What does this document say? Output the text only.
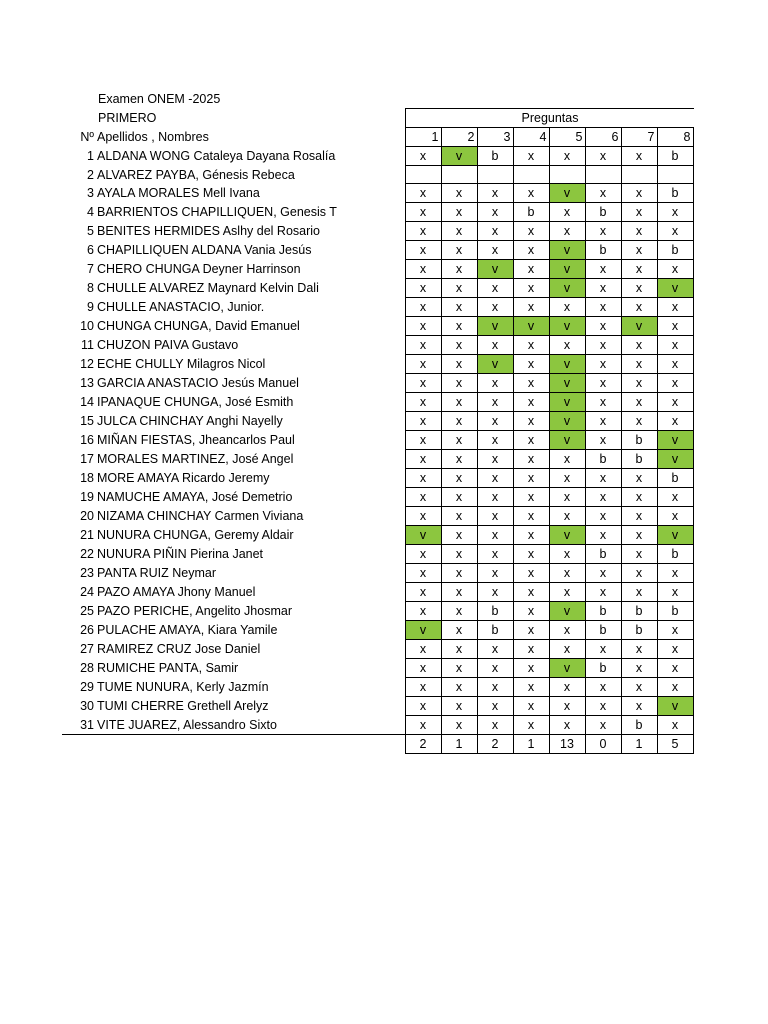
Examen ONEM -2025
PRIMERO	Preguntas
Nº	Apellidos , Nombres	1	2	3	4	5	6	7	8
1	ALDANA WONG Cataleya Dayana Rosalía	x	v	b	x	x	x	x	b
2	ALVAREZ PAYBA, Génesis Rebeca								
3	AYALA MORALES Mell Ivana	x	x	x	x	v	x	x	b
4	BARRIENTOS CHAPILLIQUEN, Genesis T	x	x	x	b	x	b	x	x
5	BENITES HERMIDES Aslhy del Rosario	x	x	x	x	x	x	x	x
6	CHAPILLIQUEN ALDANA Vania Jesús	x	x	x	x	v	b	x	b
7	CHERO CHUNGA Deyner Harrinson	x	x	v	x	v	x	x	x
8	CHULLE ALVAREZ Maynard Kelvin Dali	x	x	x	x	v	x	x	v
9	CHULLE ANASTACIO, Junior.	x	x	x	x	x	x	x	x
10	CHUNGA CHUNGA, David Emanuel	x	x	v	v	v	x	v	x
11	CHUZON PAIVA Gustavo	x	x	x	x	x	x	x	x
12	ECHE CHULLY Milagros Nicol	x	x	v	x	v	x	x	x
13	GARCIA ANASTACIO Jesús Manuel	x	x	x	x	v	x	x	x
14	IPANAQUE CHUNGA, José Esmith	x	x	x	x	v	x	x	x
15	JULCA CHINCHAY Anghi Nayelly	x	x	x	x	v	x	x	x
16	MIÑAN FIESTAS, Jheancarlos Paul	x	x	x	x	v	x	b	v
17	MORALES MARTINEZ, José Angel	x	x	x	x	x	b	b	v
18	MORE AMAYA Ricardo Jeremy	x	x	x	x	x	x	x	b
19	NAMUCHE AMAYA, José Demetrio	x	x	x	x	x	x	x	x
20	NIZAMA CHINCHAY Carmen Viviana	x	x	x	x	x	x	x	x
21	NUNURA CHUNGA, Geremy Aldair	v	x	x	x	v	x	x	v
22	NUNURA PIÑIN Pierina Janet	x	x	x	x	x	b	x	b
23	PANTA RUIZ Neymar	x	x	x	x	x	x	x	x
24	PAZO AMAYA Jhony Manuel	x	x	x	x	x	x	x	x
25	PAZO PERICHE, Angelito Jhosmar	x	x	b	x	v	b	b	b
26	PULACHE AMAYA, Kiara Yamile	v	x	b	x	x	b	b	x
27	RAMIREZ CRUZ Jose Daniel	x	x	x	x	x	x	x	x
28	RUMICHE PANTA, Samir	x	x	x	x	v	b	x	x
29	TUME NUNURA, Kerly Jazmín	x	x	x	x	x	x	x	x
30	TUMI CHERRE Grethell Arelyz	x	x	x	x	x	x	x	v
31	VITE JUAREZ, Alessandro Sixto	x	x	x	x	x	x	b	x
		2	1	2	1	13	0	1	5
